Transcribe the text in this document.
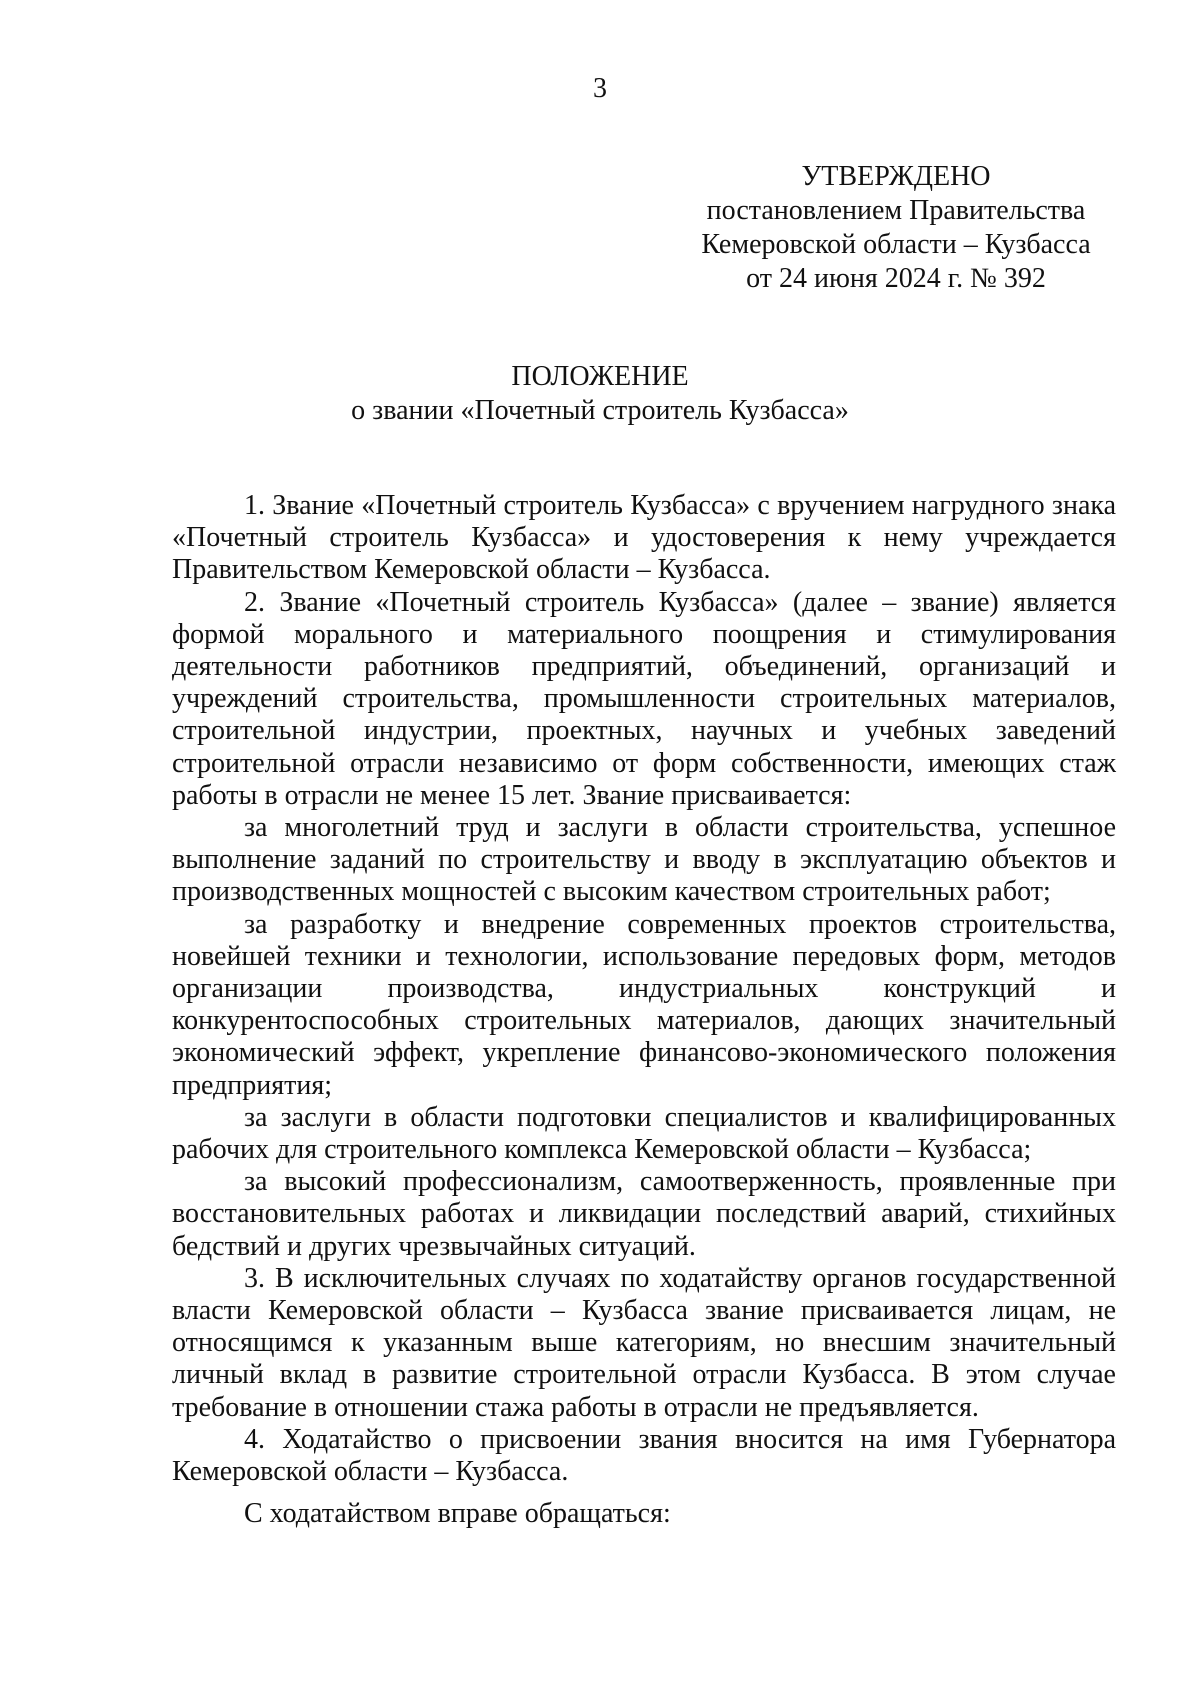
3
УТВЕРЖДЕНО
постановлением Правительства
Кемеровской области – Кузбасса
от 24 июня 2024 г. № 392
ПОЛОЖЕНИЕ
о звании «Почетный строитель Кузбасса»

1. Звание «Почетный строитель Кузбасса» с вручением нагрудного знака «Почетный строитель Кузбасса» и удостоверения к нему учреждается Правительством Кемеровской области – Кузбасса.

2. Звание «Почетный строитель Кузбасса» (далее – звание) является формой морального и материального поощрения и стимулирования деятельности работников предприятий, объединений, организаций и учреждений строительства, промышленности строительных материалов, строительной индустрии, проектных, научных и учебных заведений строительной отрасли независимо от форм собственности, имеющих стаж работы в отрасли не менее 15 лет. Звание присваивается:

за многолетний труд и заслуги в области строительства, успешное выполнение заданий по строительству и вводу в эксплуатацию объектов и производственных мощностей с высоким качеством строительных работ;

за разработку и внедрение современных проектов строительства, новейшей техники и технологии, использование передовых форм, методов организации производства, индустриальных конструкций и конкурентоспособных строительных материалов, дающих значительный экономический эффект, укрепление финансово-экономического положения предприятия;

за заслуги в области подготовки специалистов и квалифицированных рабочих для строительного комплекса Кемеровской области – Кузбасса;

за высокий профессионализм, самоотверженность, проявленные при восстановительных работах и ликвидации последствий аварий, стихийных бедствий и других чрезвычайных ситуаций.

3. В исключительных случаях по ходатайству органов государственной власти Кемеровской области – Кузбасса звание присваивается лицам, не относящимся к указанным выше категориям, но внесшим значительный личный вклад в развитие строительной отрасли Кузбасса. В этом случае требование в отношении стажа работы в отрасли не предъявляется.

4. Ходатайство о присвоении звания вносится на имя Губернатора Кемеровской области – Кузбасса.

С ходатайством вправе обращаться:
